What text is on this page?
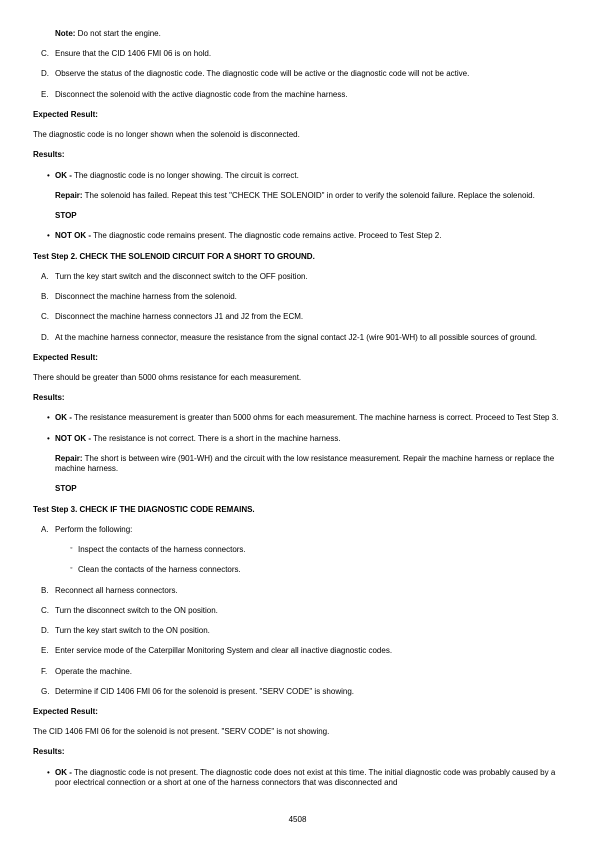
Note: Do not start the engine.

C. Ensure that the CID 1406 FMI 06 is on hold.
D. Observe the status of the diagnostic code. The diagnostic code will be active or the diagnostic code will not be active.
E. Disconnect the solenoid with the active diagnostic code from the machine harness.

Expected Result:

The diagnostic code is no longer shown when the solenoid is disconnected.

Results:

• OK - The diagnostic code is no longer showing. The circuit is correct.

Repair: The solenoid has failed. Repeat this test "CHECK THE SOLENOID" in order to verify the solenoid failure. Replace the solenoid.

STOP

• NOT OK - The diagnostic code remains present. The diagnostic code remains active. Proceed to Test Step 2.

Test Step 2. CHECK THE SOLENOID CIRCUIT FOR A SHORT TO GROUND.

A. Turn the key start switch and the disconnect switch to the OFF position.
B. Disconnect the machine harness from the solenoid.
C. Disconnect the machine harness connectors J1 and J2 from the ECM.
D. At the machine harness connector, measure the resistance from the signal contact J2-1 (wire 901-WH) to all possible sources of ground.

Expected Result:

There should be greater than 5000 ohms resistance for each measurement.

Results:

• OK - The resistance measurement is greater than 5000 ohms for each measurement. The machine harness is correct. Proceed to Test Step 3.
• NOT OK - The resistance is not correct. There is a short in the machine harness.

Repair: The short is between wire (901-WH) and the circuit with the low resistance measurement. Repair the machine harness or replace the machine harness.

STOP

Test Step 3. CHECK IF THE DIAGNOSTIC CODE REMAINS.

A. Perform the following:
◦ Inspect the contacts of the harness connectors.
◦ Clean the contacts of the harness connectors.
B. Reconnect all harness connectors.
C. Turn the disconnect switch to the ON position.
D. Turn the key start switch to the ON position.
E. Enter service mode of the Caterpillar Monitoring System and clear all inactive diagnostic codes.
F. Operate the machine.
G. Determine if CID 1406 FMI 06 for the solenoid is present. "SERV CODE" is showing.

Expected Result:

The CID 1406 FMI 06 for the solenoid is not present. "SERV CODE" is not showing.

Results:

• OK - The diagnostic code is not present. The diagnostic code does not exist at this time. The initial diagnostic code was probably caused by a poor electrical connection or a short at one of the harness connectors that was disconnected and
4508
